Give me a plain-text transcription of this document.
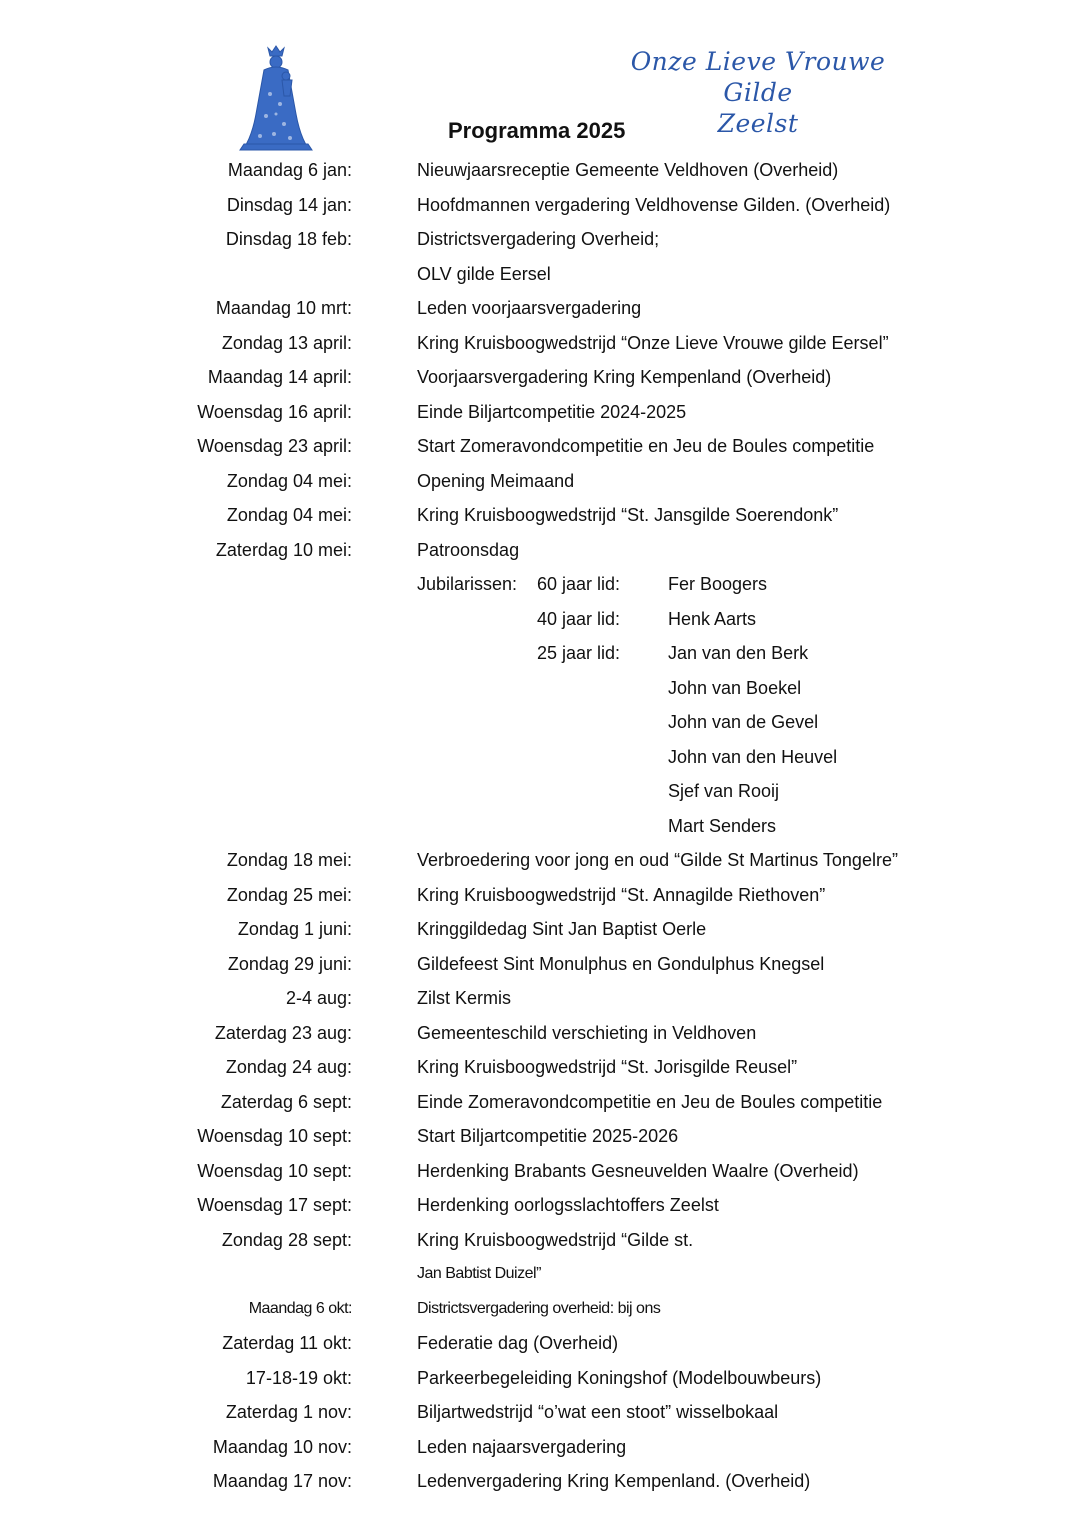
Onze Lieve Vrouwe Gilde
Zeelst
Programma 2025
Maandag 6 jan:	Nieuwjaarsreceptie Gemeente Veldhoven (Overheid)
Dinsdag 14 jan:	Hoofdmannen vergadering Veldhovense Gilden. (Overheid)
Dinsdag 18 feb:	Districtsvergadering Overheid;
OLV gilde Eersel
Maandag 10 mrt:	Leden voorjaarsvergadering
Zondag 13 april:	Kring Kruisboogwedstrijd “Onze Lieve Vrouwe gilde Eersel”
Maandag 14 april:	Voorjaarsvergadering Kring Kempenland (Overheid)
Woensdag 16 april:	Einde Biljartcompetitie 2024-2025
Woensdag 23 april:	Start Zomeravondcompetitie en Jeu de Boules competitie
Zondag 04 mei:	Opening Meimaand
Zondag 04 mei:	Kring Kruisboogwedstrijd “St. Jansgilde Soerendonk”
Zaterdag 10 mei:	Patroonsdag
Jubilarissen: 60 jaar lid:	Fer Boogers
40 jaar lid:	Henk Aarts
25 jaar lid:	Jan van den Berk
John van Boekel
John van de Gevel
John van den Heuvel
Sjef van Rooij
Mart Senders
Zondag 18 mei:	Verbroedering voor jong en oud “Gilde St Martinus Tongelre”
Zondag 25 mei:	Kring Kruisboogwedstrijd “St. Annagilde Riethoven”
Zondag 1 juni:	Kringgildedag Sint Jan Baptist Oerle
Zondag 29 juni:	Gildefeest Sint Monulphus en Gondulphus Knegsel
2-4 aug:	Zilst Kermis
Zaterdag 23 aug:	Gemeenteschild verschieting in Veldhoven
Zondag 24 aug:	Kring Kruisboogwedstrijd “St. Jorisgilde Reusel”
Zaterdag 6 sept:	Einde Zomeravondcompetitie en Jeu de Boules competitie
Woensdag 10 sept:	Start Biljartcompetitie 2025-2026
Woensdag 10 sept:	Herdenking Brabants Gesneuvelden Waalre (Overheid)
Woensdag 17 sept:	Herdenking oorlogsslachtoffers Zeelst
Zondag 28 sept:	Kring Kruisboogwedstrijd “Gilde st.
Jan Babtist Duizel”
Maandag 6 okt:	Districtsvergadering overheid: bij ons
Zaterdag 11 okt:	Federatie dag (Overheid)
17-18-19 okt:	Parkeerbegeleiding Koningshof (Modelbouwbeurs)
Zaterdag 1 nov:	Biljartwedstrijd “o’wat een stoot” wisselbokaal
Maandag 10 nov:	Leden najaarsvergadering
Maandag 17 nov:	Ledenvergadering Kring Kempenland. (Overheid)
